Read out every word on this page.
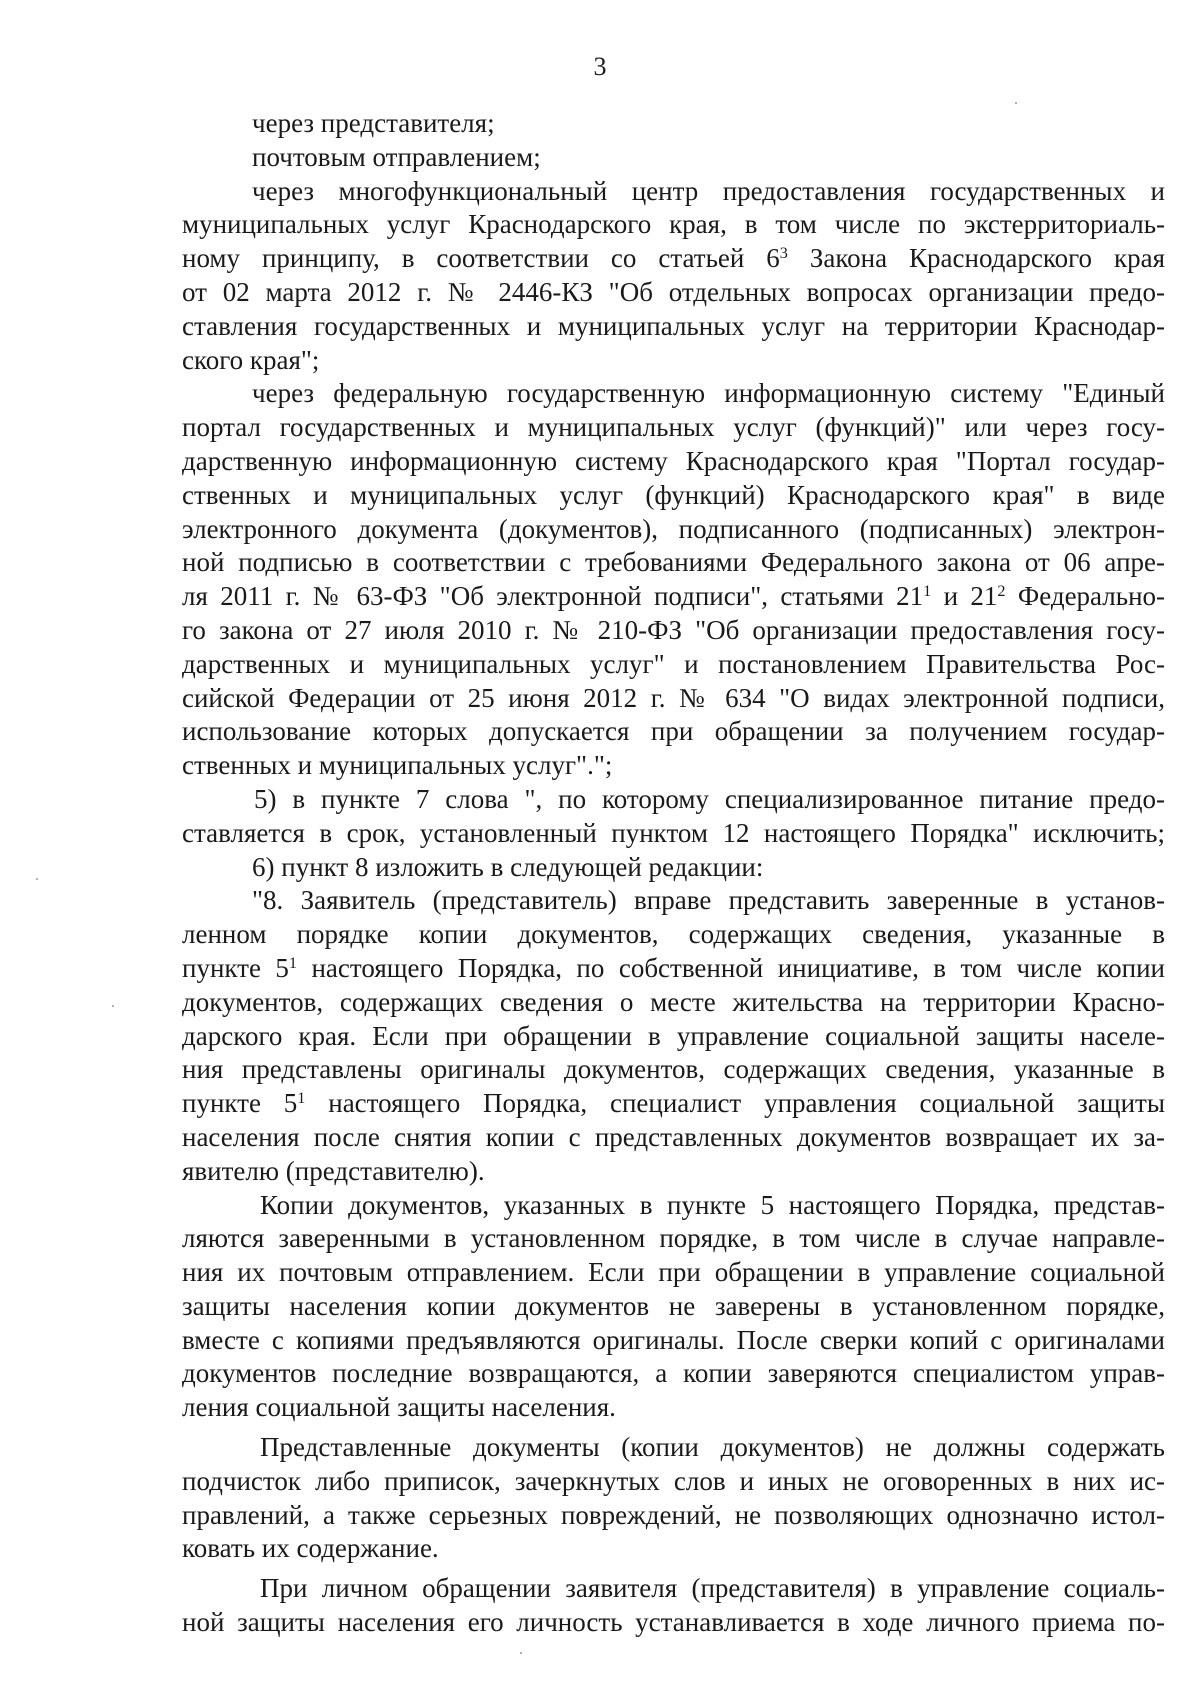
3
через представителя;
почтовым отправлением;
через многофункциональный центр предоставления государственных и
муниципальных услуг Краснодарского края, в том числе по экстерриториаль-
ному принципу, в соответствии со статьей $6^3$ Закона Краснодарского края
от 02 марта 2012 г. № 2446-КЗ "Об отдельных вопросах организации предо-
ставления государственных и муниципальных услуг на территории Краснодар-
ского края";
через федеральную государственную информационную систему "Единый
портал государственных и муниципальных услуг (функций)" или через госу-
дарственную информационную систему Краснодарского края "Портал государ-
ственных и муниципальных услуг (функций) Краснодарского края" в виде
электронного документа (документов), подписанного (подписанных) электрон-
ной подписью в соответствии с требованиями Федерального закона от 06 апре-
ля 2011 г. № 63-ФЗ "Об электронной подписи", статьями $21^1$ и $21^2$ Федерально-
го закона от 27 июля 2010 г. № 210-ФЗ "Об организации предоставления госу-
дарственных и муниципальных услуг" и постановлением Правительства Рос-
сийской Федерации от 25 июня 2012 г. № 634 "О видах электронной подписи,
использование которых допускается при обращении за получением государ-
ственных и муниципальных услуг".";
5) в пункте 7 слова ", по которому специализированное питание предо-
ставляется в срок, установленный пунктом 12 настоящего Порядка" исключить;
6) пункт 8 изложить в следующей редакции:
"8. Заявитель (представитель) вправе представить заверенные в установ-
ленном порядке копии документов, содержащих сведения, указанные в
пункте $5^1$ настоящего Порядка, по собственной инициативе, в том числе копии
документов, содержащих сведения о месте жительства на территории Красно-
дарского края. Если при обращении в управление социальной защиты населе-
ния представлены оригиналы документов, содержащих сведения, указанные в
пункте $5^1$ настоящего Порядка, специалист управления социальной защиты
населения после снятия копии с представленных документов возвращает их за-
явителю (представителю).
Копии документов, указанных в пункте 5 настоящего Порядка, представ-
ляются заверенными в установленном порядке, в том числе в случае направле-
ния их почтовым отправлением. Если при обращении в управление социальной
защиты населения копии документов не заверены в установленном порядке,
вместе с копиями предъявляются оригиналы. После сверки копий с оригиналами
документов последние возвращаются, а копии заверяются специалистом управ-
ления социальной защиты населения.
Представленные документы (копии документов) не должны содержать
подчисток либо приписок, зачеркнутых слов и иных не оговоренных в них ис-
правлений, а также серьезных повреждений, не позволяющих однозначно истол-
ковать их содержание.
При личном обращении заявителя (представителя) в управление социаль-
ной защиты населения его личность устанавливается в ходе личного приема по-
